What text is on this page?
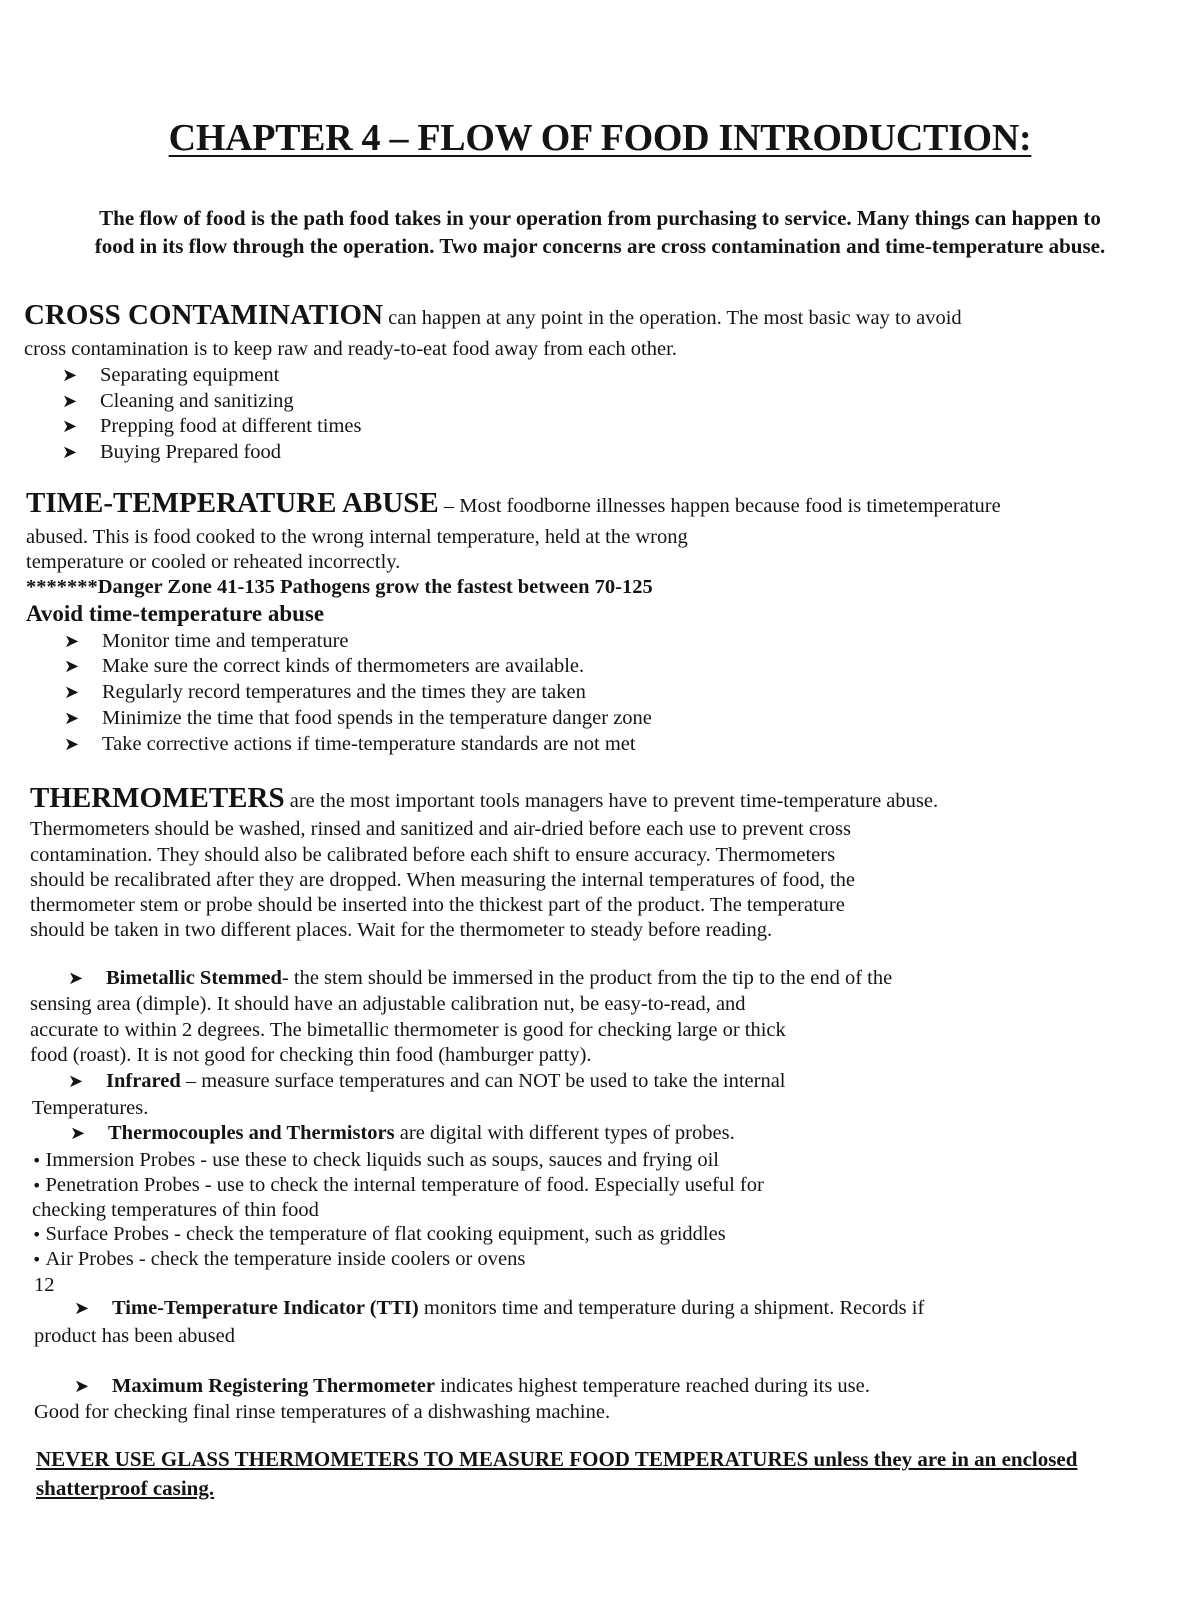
CHAPTER 4 – FLOW OF FOOD INTRODUCTION:
The flow of food is the path food takes in your operation from purchasing to service. Many things can happen to food in its flow through the operation. Two major concerns are cross contamination and time-temperature abuse.
CROSS CONTAMINATION can happen at any point in the operation. The most basic way to avoid
cross contamination is to keep raw and ready-to-eat food away from each other.
➤ Separating equipment
➤ Cleaning and sanitizing
➤ Prepping food at different times
➤ Buying Prepared food
TIME-TEMPERATURE ABUSE – Most foodborne illnesses happen because food is timetemperature
abused. This is food cooked to the wrong internal temperature, held at the wrong
temperature or cooled or reheated incorrectly.
*******Danger Zone 41-135 Pathogens grow the fastest between 70-125
Avoid time-temperature abuse
➤ Monitor time and temperature
➤ Make sure the correct kinds of thermometers are available.
➤ Regularly record temperatures and the times they are taken
➤ Minimize the time that food spends in the temperature danger zone
➤ Take corrective actions if time-temperature standards are not met
THERMOMETERS are the most important tools managers have to prevent time-temperature abuse.
Thermometers should be washed, rinsed and sanitized and air-dried before each use to prevent cross
contamination. They should also be calibrated before each shift to ensure accuracy. Thermometers
should be recalibrated after they are dropped. When measuring the internal temperatures of food, the
thermometer stem or probe should be inserted into the thickest part of the product. The temperature
should be taken in two different places. Wait for the thermometer to steady before reading.
➤ Bimetallic Stemmed- the stem should be immersed in the product from the tip to the end of the
sensing area (dimple). It should have an adjustable calibration nut, be easy-to-read, and
accurate to within 2 degrees. The bimetallic thermometer is good for checking large or thick
food (roast). It is not good for checking thin food (hamburger patty).
➤ Infrared – measure surface temperatures and can NOT be used to take the internal
Temperatures.
➤ Thermocouples and Thermistors are digital with different types of probes.
• Immersion Probes - use these to check liquids such as soups, sauces and frying oil
• Penetration Probes - use to check the internal temperature of food. Especially useful for
checking temperatures of thin food
• Surface Probes - check the temperature of flat cooking equipment, such as griddles
• Air Probes - check the temperature inside coolers or ovens
12
➤ Time-Temperature Indicator (TTI) monitors time and temperature during a shipment. Records if
product has been abused
➤ Maximum Registering Thermometer indicates highest temperature reached during its use.
Good for checking final rinse temperatures of a dishwashing machine.
NEVER USE GLASS THERMOMETERS TO MEASURE FOOD TEMPERATURES unless they are in an enclosed shatterproof casing.
